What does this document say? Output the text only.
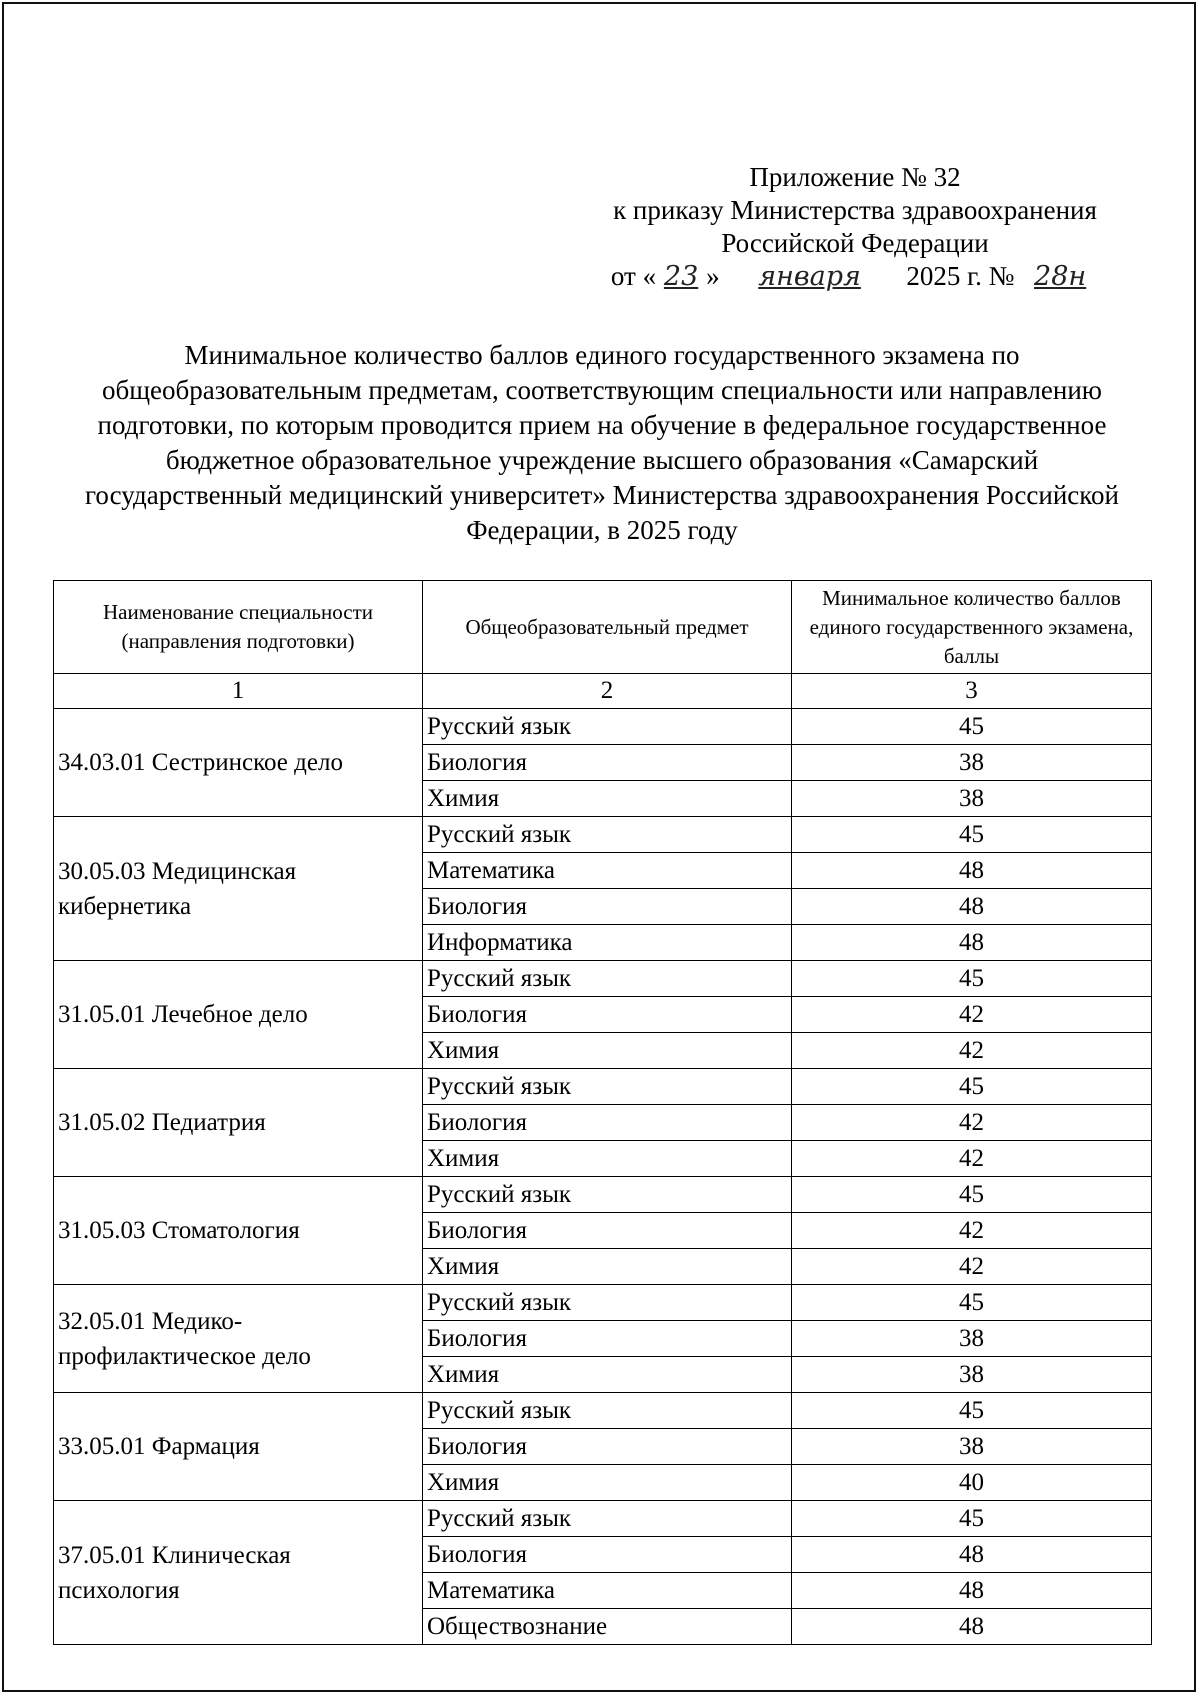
Приложение № 32
к приказу Министерства здравоохранения
Российской Федерации
от « 23 » января 2025 г. № 28н
Минимальное количество баллов единого государственного экзамена по
общеобразовательным предметам, соответствующим специальности или направлению
подготовки, по которым проводится прием на обучение в федеральное государственное
бюджетное образовательное учреждение высшего образования «Самарский
государственный медицинский университет» Министерства здравоохранения Российской
Федерации, в 2025 году
Наименование специальности (направления подготовки)	Общеобразовательный предмет	Минимальное количество баллов единого государственного экзамена, баллы
1	2	3
34.03.01 Сестринское дело	Русский язык	45
	Биология	38
	Химия	38
30.05.03 Медицинская кибернетика	Русский язык	45
	Математика	48
	Биология	48
	Информатика	48
31.05.01 Лечебное дело	Русский язык	45
	Биология	42
	Химия	42
31.05.02 Педиатрия	Русский язык	45
	Биология	42
	Химия	42
31.05.03 Стоматология	Русский язык	45
	Биология	42
	Химия	42
32.05.01 Медико-профилактическое дело	Русский язык	45
	Биология	38
	Химия	38
33.05.01 Фармация	Русский язык	45
	Биология	38
	Химия	40
37.05.01 Клиническая психология	Русский язык	45
	Биология	48
	Математика	48
	Обществознание	48
